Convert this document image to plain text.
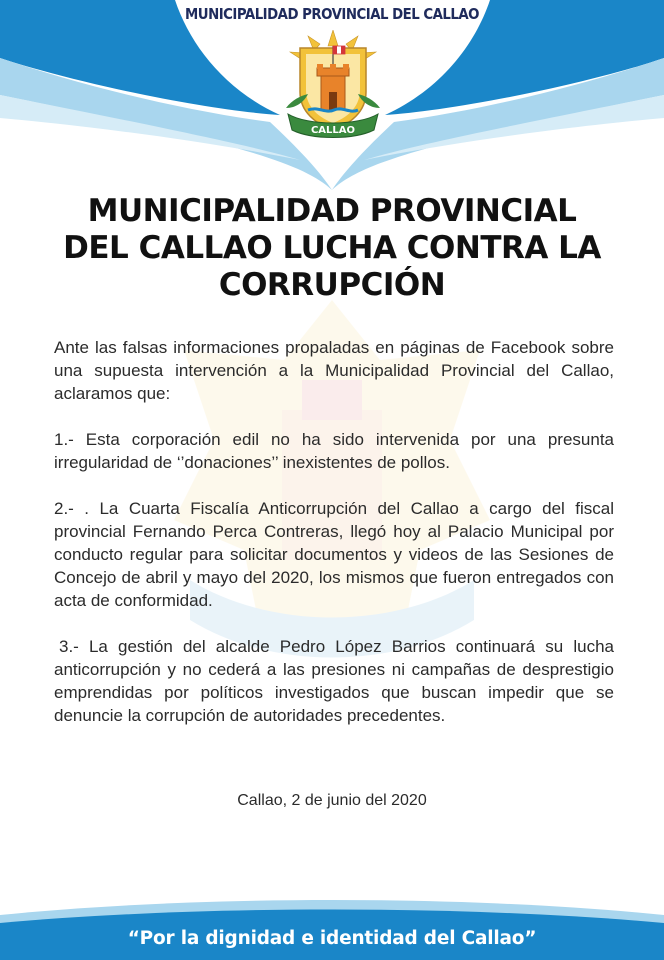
MUNICIPALIDAD PROVINCIAL DEL CALLAO
CALLAO
MUNICIPALIDAD PROVINCIAL
DEL CALLAO LUCHA CONTRA LA
CORRUPCIÓN

Ante las falsas informaciones propaladas en páginas de Facebook sobre una supuesta intervención a la Municipalidad Provincial del Callao, aclaramos que:

1.- Esta corporación edil no ha sido intervenida por una presunta irregularidad de ‘’donaciones’’ inexistentes de pollos.

2.- . La Cuarta Fiscalía Anticorrupción del Callao a cargo del fiscal provincial Fernando Perca Contreras, llegó hoy al Palacio Municipal por conducto regular para solicitar documentos y videos de las Sesiones de Concejo de abril y mayo del 2020, los mismos que fueron entregados con acta de conformidad.

3.- La gestión del alcalde Pedro López Barrios continuará su lucha anticorrupción y no cederá a las presiones ni campañas de desprestigio emprendidas por políticos investigados que buscan impedir que se denuncie la corrupción de autoridades precedentes.

Callao, 2 de junio del 2020
“Por la dignidad e identidad del Callao”
